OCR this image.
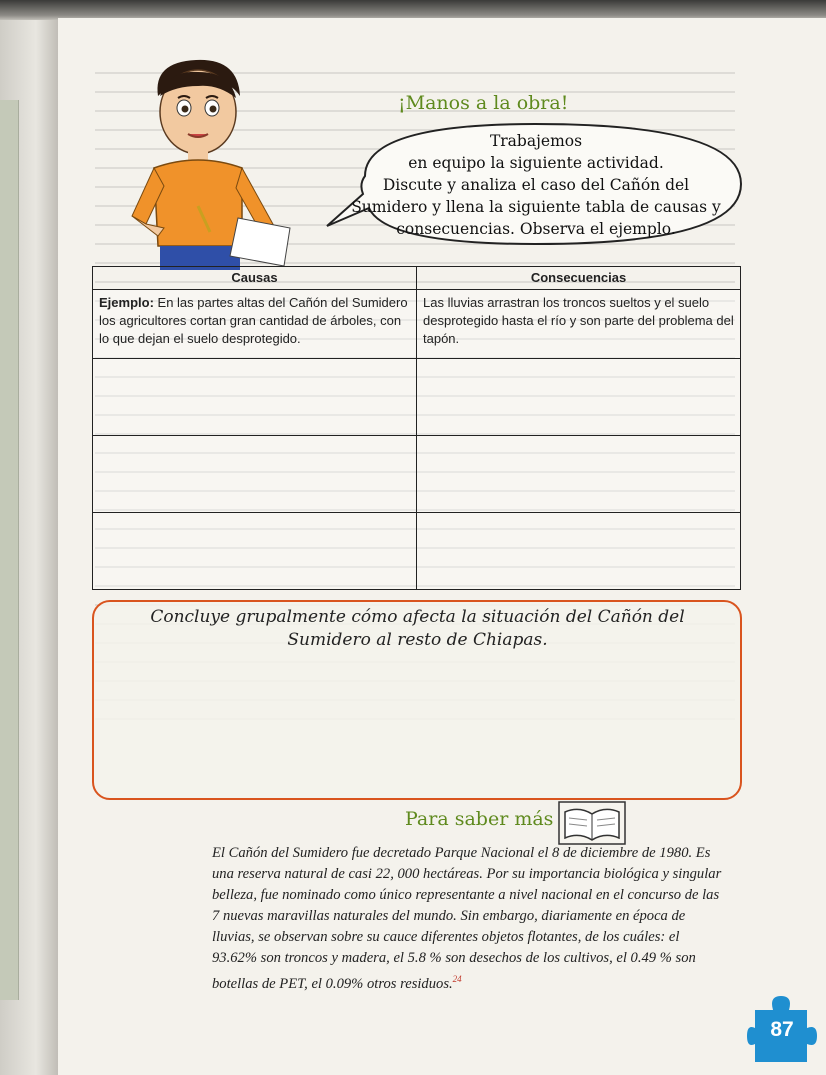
¡Manos a la obra!
Trabajemos
en equipo la siguiente actividad.
Discute y analiza el caso del Cañón del
Sumidero y llena la siguiente tabla de causas y
consecuencias. Observa el ejemplo.
Causas	Consecuencias
Ejemplo: En las partes altas del Cañón del Sumidero los agricultores cortan gran cantidad de árboles, con lo que dejan el suelo desprotegido.	Las lluvias arrastran los troncos sueltos y el suelo desprotegido hasta el río y son parte del problema del tapón.

Concluye grupalmente cómo afecta la situación del Cañón del Sumidero al resto de Chiapas.
Para saber más
El Cañón del Sumidero fue decretado Parque Nacional el 8 de diciembre de 1980. Es una reserva natural de casi 22, 000 hectáreas. Por su importancia biológica y singular belleza, fue nominado como único representante a nivel nacional en el concurso de las 7 nuevas maravillas naturales del mundo. Sin embargo, diariamente en época de lluvias, se observan sobre su cauce diferentes objetos flotantes, de los cuáles: el 93.62% son troncos y madera, el 5.8 % son desechos de los cultivos, el 0.49 % son botellas de PET, el 0.09% otros residuos.$^{24}$
87
